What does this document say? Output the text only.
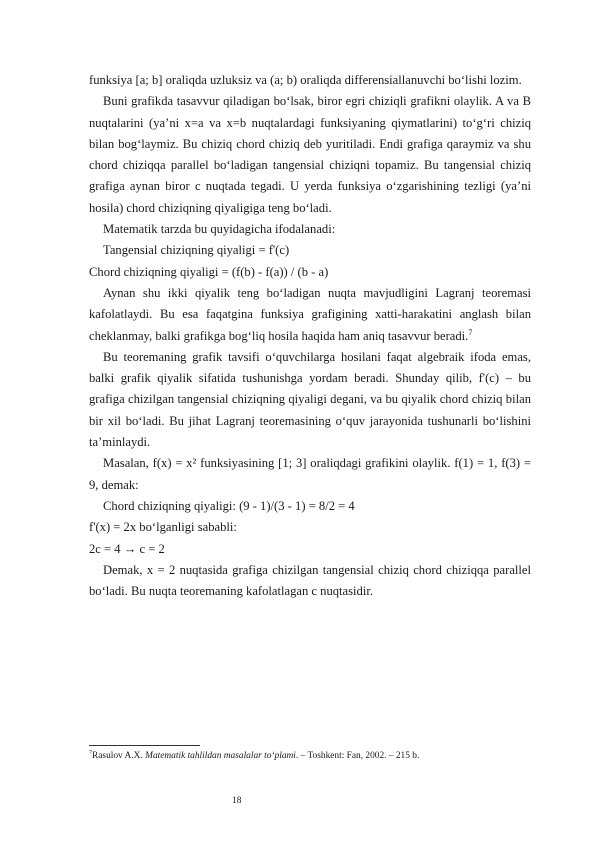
funksiya [a; b] oraliqda uzluksiz va (a; b) oraliqda differensiallanuvchi bo‘lishi lozim.

Buni grafikda tasavvur qiladigan bo‘lsak, biror egri chiziqli grafikni olaylik. A va B nuqtalarini (ya’ni x=a va x=b nuqtalardagi funksiyaning qiymatlarini) to‘g‘ri chiziq bilan bog‘laymiz. Bu chiziq chord chiziq deb yuritiladi. Endi grafiga qaraymiz va shu chord chiziqqa parallel bo‘ladigan tangensial chiziqni topamiz. Bu tangensial chiziq grafiga aynan biror c nuqtada tegadi. U yerda funksiya o‘zgarishining tezligi (ya’ni hosila) chord chiziqning qiyaligiga teng bo‘ladi.

Matematik tarzda bu quyidagicha ifodalanadi:

Tangensial chiziqning qiyaligi = f'(c)

Chord chiziqning qiyaligi = (f(b) - f(a)) / (b - a)

Aynan shu ikki qiyalik teng bo‘ladigan nuqta mavjudligini Lagranj teoremasi kafolatlaydi. Bu esa faqatgina funksiya grafigining xatti-harakatini anglash bilan cheklanmay, balki grafikga bog‘liq hosila haqida ham aniq tasavvur beradi.$^7$

Bu teoremaning grafik tavsifi o‘quvchilarga hosilani faqat algebraik ifoda emas, balki grafik qiyalik sifatida tushunishga yordam beradi. Shunday qilib, f'(c) – bu grafiga chizilgan tangensial chiziqning qiyaligi degani, va bu qiyalik chord chiziq bilan bir xil bo‘ladi. Bu jihat Lagranj teoremasining o‘quv jarayonida tushunarli bo‘lishini ta’minlaydi.

Masalan, f(x) = x² funksiyasining [1; 3] oraliqdagi grafikini olaylik. f(1) = 1, f(3) = 9, demak:

Chord chiziqning qiyaligi: (9 - 1)/(3 - 1) = 8/2 = 4

f'(x) = 2x bo‘lganligi sababli:

2c = 4 → c = 2

Demak, x = 2 nuqtasida grafiga chizilgan tangensial chiziq chord chiziqqa parallel bo‘ladi. Bu nuqta teoremaning kafolatlagan c nuqtasidir.

$^7$Rasulov A.X. Matematik tahlildan masalalar to‘plami. – Toshkent: Fan, 2002. – 215 b.
18
